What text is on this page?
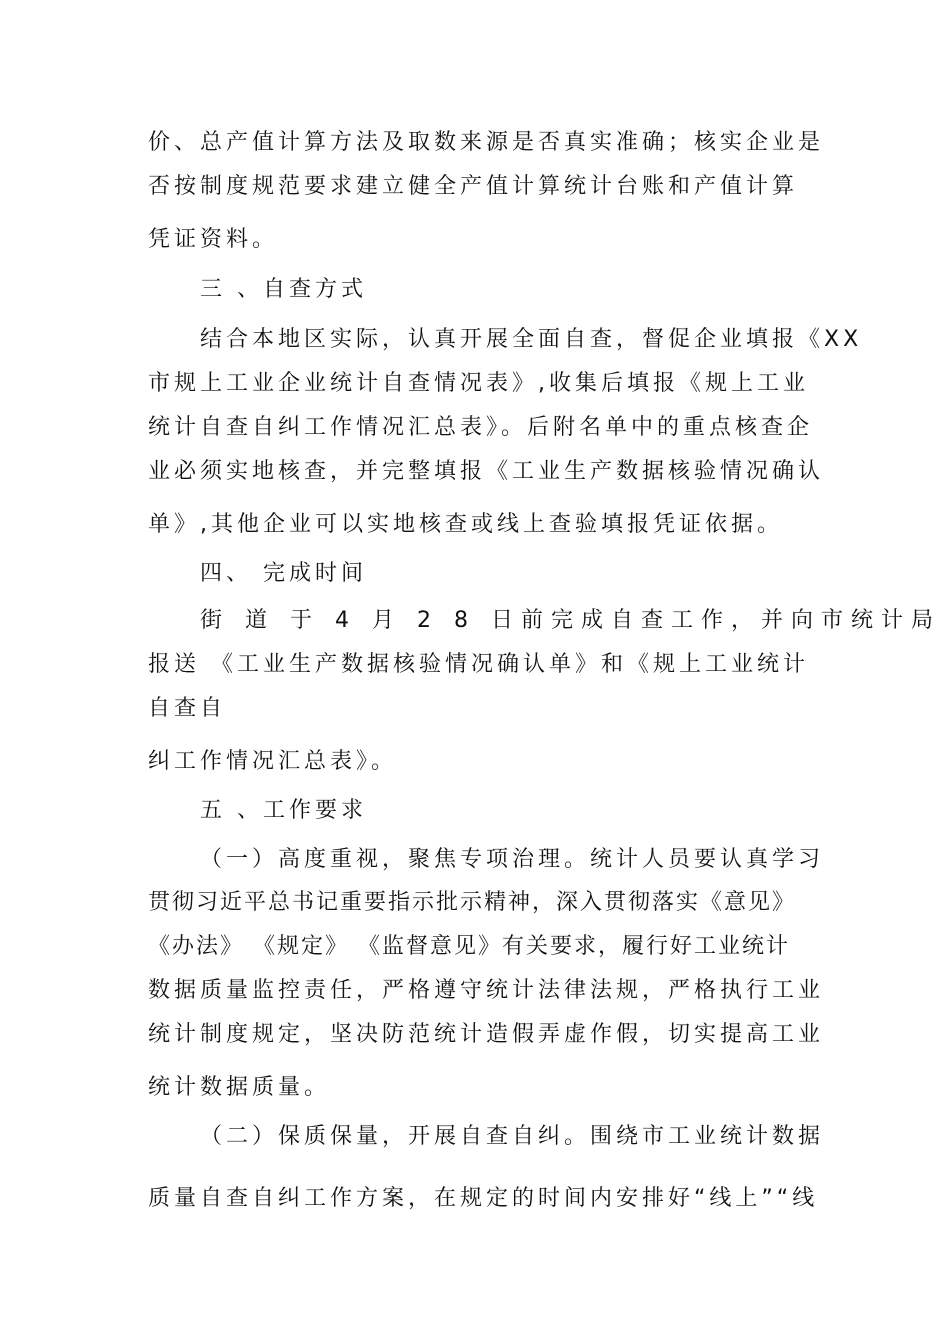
价、总产值计算方法及取数来源是否真实准确；核实企业是
否按制度规范要求建立健全产值计算统计台账和产值计算
凭证资料。
三 、自查方式
结合本地区实际，认真开展全面自查，督促企业填报《XX
市规上工业企业统计自查情况表》,收集后填报《规上工业
统计自查自纠工作情况汇总表》。后附名单中的重点核查企
业必须实地核查，并完整填报《工业生产数据核验情况确认
单》,其他企业可以实地核查或线上查验填报凭证依据。
四、 完成时间
街 道 于 4 月 2 8 日前完成自查工作，并向市统计局
报送 《工业生产数据核验情况确认单》和《规上工业统计
自查自
纠工作情况汇总表》。
五 、工作要求
（一）高度重视，聚焦专项治理。统计人员要认真学习
贯彻习近平总书记重要指示批示精神，深入贯彻落实《意见》
《办法》 《规定》 《监督意见》有关要求，履行好工业统计
数据质量监控责任，严格遵守统计法律法规，严格执行工业
统计制度规定，坚决防范统计造假弄虚作假，切实提高工业
统计数据质量。
（二）保质保量，开展自查自纠。围绕市工业统计数据
质量自查自纠工作方案，在规定的时间内安排好“线上”“线
